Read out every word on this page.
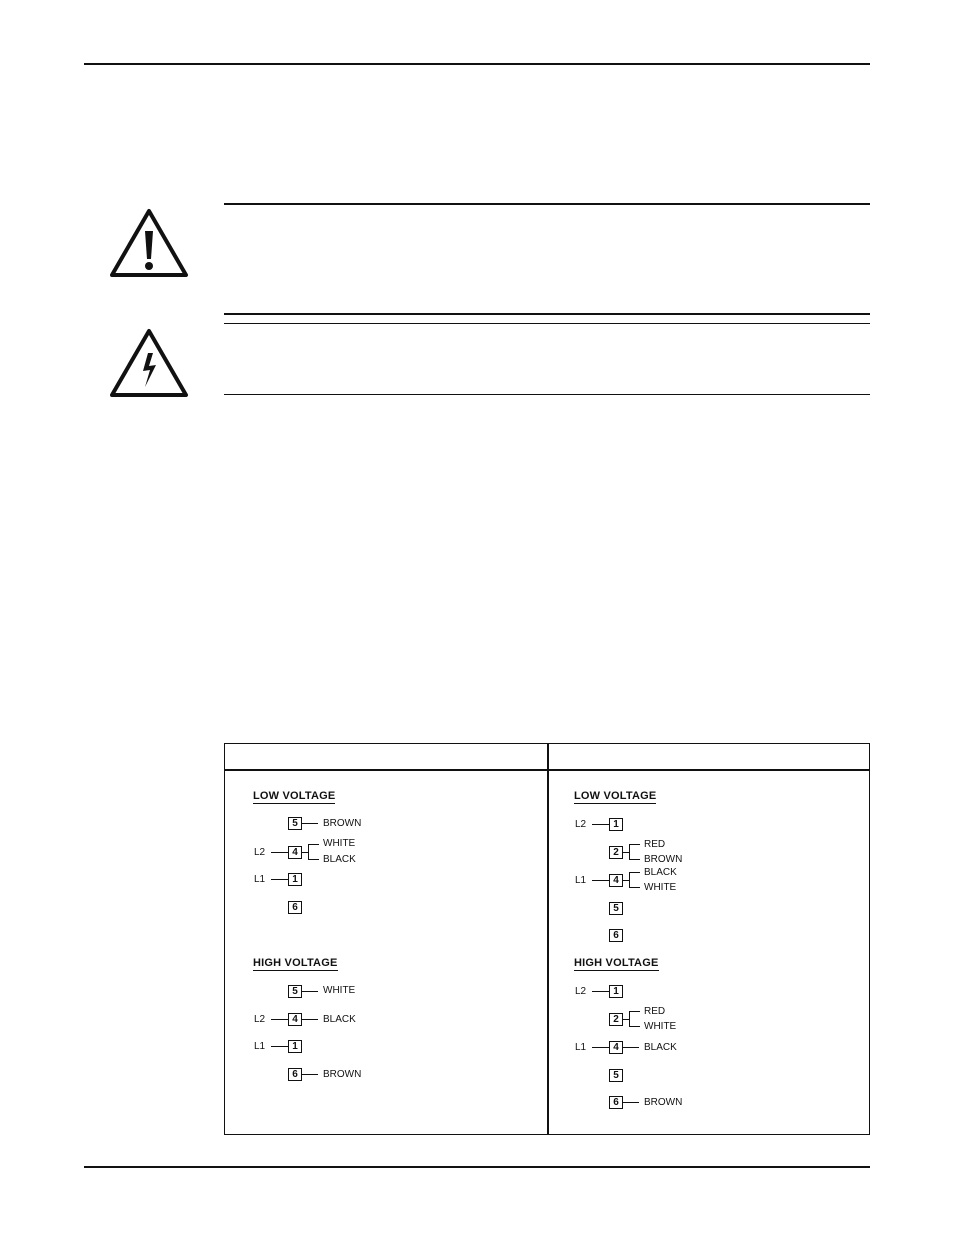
LOW VOLTAGE
5	BROWN
L2	4
WHITE
BLACK
L1	1
6
HIGH VOLTAGE
5	WHITE
L2	4	BLACK
L1	1
6	BROWN
LOW VOLTAGE
L2	1
2
RED
BROWN
L1	4
BLACK
WHITE
5
6
HIGH VOLTAGE
L2	1
2
RED
WHITE
L1	4	BLACK
5
6	BROWN
